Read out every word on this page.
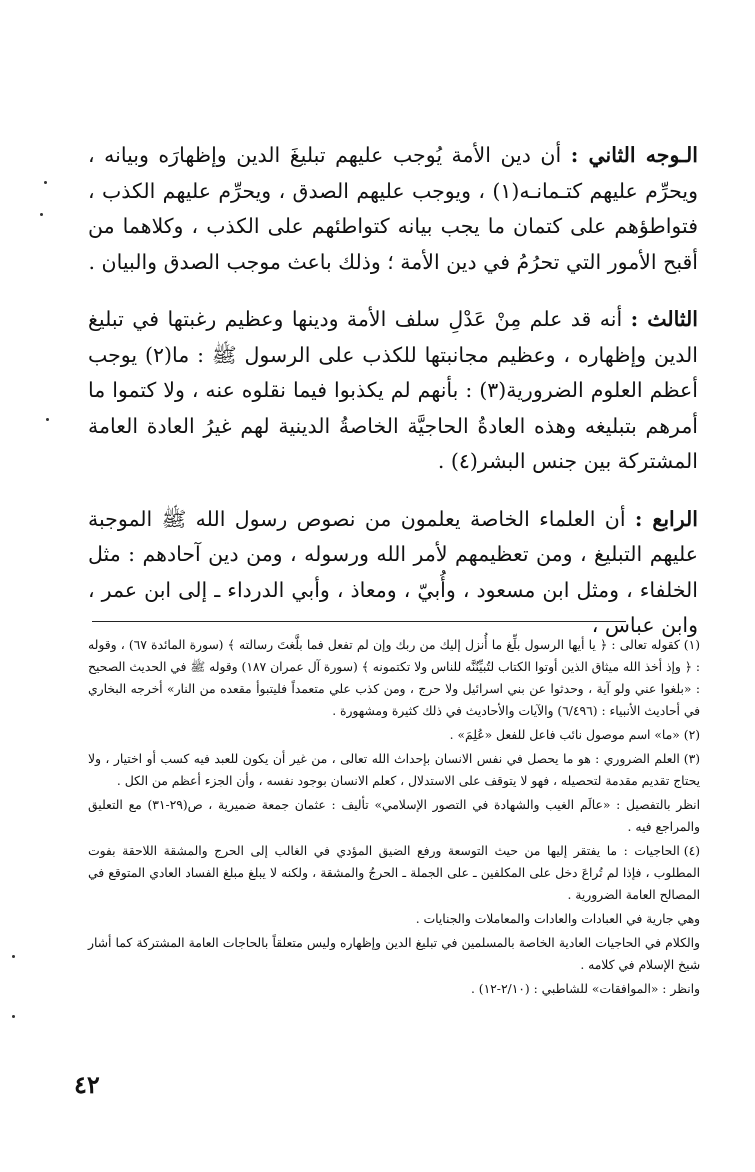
الـوجه الثاني : أن دين الأمة يُوجب عليهم تبليغَ الدين وإظهارَه وبيانه ، ويحرِّم عليهم كتـمانـه(١) ، ويوجب عليهم الصدق ، ويحرِّم عليهم الكذب ، فتواطؤهم على كتمان ما يجب بيانه كتواطئهم على الكذب ، وكلاهما من أقبح الأمور التي تحرُمُ في دين الأمة ؛ وذلك باعث موجب الصدق والبيان .

الثالث : أنه قد علم مِنْ عَدْلِ سلف الأمة ودينها وعظيم رغبتها في تبليغ الدين وإظهاره ، وعظيم مجانبتها للكذب على الرسول ﷺ : ما(٢) يوجب أعظم العلوم الضرورية(٣) : بأنهم لم يكذبوا فيما نقلوه عنه ، ولا كتموا ما أمرهم بتبليغه وهذه العادةُ الحاجيَّة الخاصةُ الدينية لهم غيرُ العادة العامة المشتركة بين جنس البشر(٤) .

الرابع : أن العلماء الخاصة يعلمون من نصوص رسول الله ﷺ الموجبة عليهم التبليغ ، ومن تعظيمهم لأمر الله ورسوله ، ومن دين آحادهم : مثل الخلفاء ، ومثل ابن مسعود ، وأُبيّ ، ومعاذ ، وأبي الدرداء ـ إلى ابن عمر ، وابن عباس ،

(١)كقوله تعالى : ﴿ يا أيها الرسول بلِّغ ما أُنزل إليك من ربك وإن لم تفعل فما بلَّغتَ رسالته ﴾ (سورة المائدة ٦٧) ، وقوله : ﴿ وإذ أخذ الله ميثاق الذين أوتوا الكتاب لتُبيِّنُنَّه للناس ولا تكتمونه ﴾ (سورة آل عمران ١٨٧) وقوله ﷺ في الحديث الصحيح : «بلغوا عني ولو آية ، وحدثوا عن بني اسرائيل ولا حرج ، ومن كذب علي متعمداً فليتبوأ مقعده من النار» أخرجه البخاري في أحاديث الأنبياء : (٦/٤٩٦) والآيات والأحاديث في ذلك كثيرة ومشهورة .

(٢)«ما» اسم موصول نائب فاعل للفعل «عُلِمَ» .

(٣)العلم الضروري : هو ما يحصل في نفس الانسان بإحداث الله تعالى ، من غير أن يكون للعبد فيه كسب أو اختيار ، ولا يحتاج تقديم مقدمة لتحصيله ، فهو لا يتوقف على الاستدلال ، كعلم الانسان بوجود نفسه ، وأن الجزء أعظم من الكل .

انظر بالتفصيل : «عالَم الغيب والشهادة في التصور الإسلامي» تأليف : عثمان جمعة ضميرية ، ص(٢٩-٣١) مع التعليق والمراجع فيه .

(٤)الحاجيات : ما يفتقر إليها من حيث التوسعة ورفع الضيق المؤدي في الغالب إلى الحرج والمشقة اللاحقة بفوت المطلوب ، فإذا لم تُراعَ دخل على المكلفين ـ على الجملة ـ الحرجُ والمشقة ، ولكنه لا يبلغ مبلغ الفساد العادي المتوقع في المصالح العامة الضرورية .

وهي جارية في العبادات والعادات والمعاملات والجنايات .

والكلام في الحاجيات العادية الخاصة بالمسلمين في تبليغ الدين وإظهاره وليس متعلقاً بالحاجات العامة المشتركة كما أشار شيخ الإسلام في كلامه .

وانظر : «الموافقات» للشاطبي : (٢/١٠-١٢) .

٤٢
